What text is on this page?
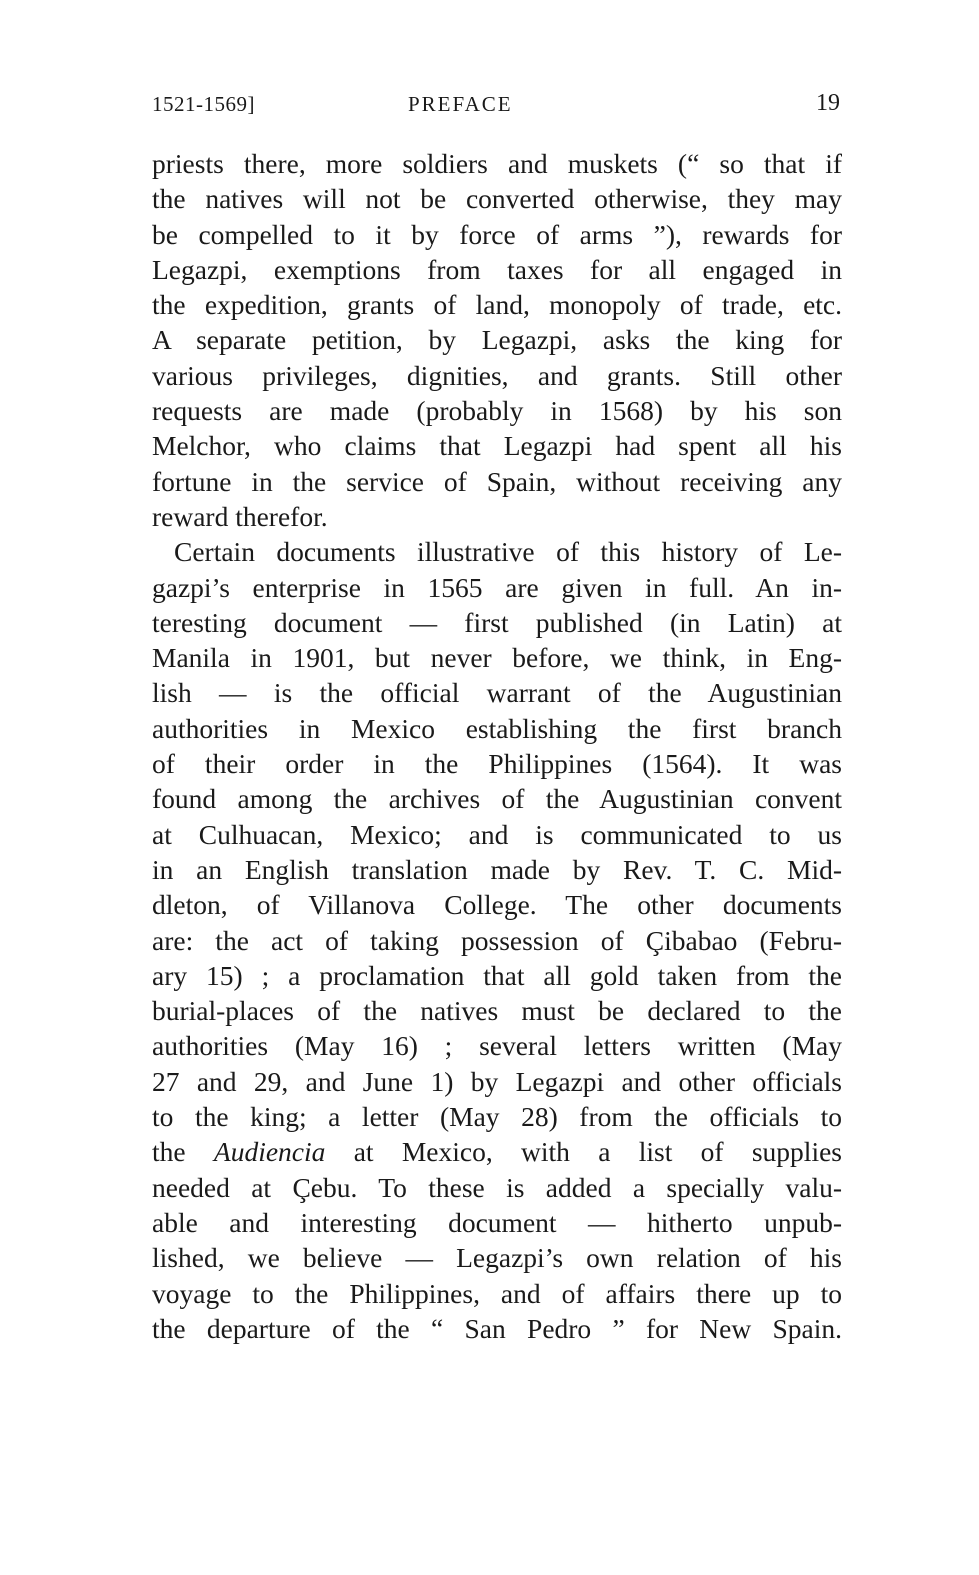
1521-1569]	PREFACE	19
priests there, more soldiers and muskets (“ so that if
the natives will not be converted otherwise, they may
be compelled to it by force of arms ”), rewards for
Legazpi, exemptions from taxes for all engaged in
the expedition, grants of land, monopoly of trade, etc.
A separate petition, by Legazpi, asks the king for
various privileges, dignities, and grants. Still other
requests are made (probably in 1568) by his son
Melchor, who claims that Legazpi had spent all his
fortune in the service of Spain, without receiving any
reward therefor.
Certain documents illustrative of this history of Le-
gazpi’s enterprise in 1565 are given in full. An in-
teresting document — first published (in Latin) at
Manila in 1901, but never before, we think, in Eng-
lish — is the official warrant of the Augustinian
authorities in Mexico establishing the first branch
of their order in the Philippines (1564). It was
found among the archives of the Augustinian convent
at Culhuacan, Mexico; and is communicated to us
in an English translation made by Rev. T. C. Mid-
dleton, of Villanova College. The other documents
are: the act of taking possession of Çibabao (Febru-
ary 15) ; a proclamation that all gold taken from the
burial-places of the natives must be declared to the
authorities (May 16) ; several letters written (May
27 and 29, and June 1) by Legazpi and other officials
to the king; a letter (May 28) from the officials to
the Audiencia at Mexico, with a list of supplies
needed at Çebu. To these is added a specially valu-
able and interesting document — hitherto unpub-
lished, we believe — Legazpi’s own relation of his
voyage to the Philippines, and of affairs there up to
the departure of the “ San Pedro ” for New Spain.
